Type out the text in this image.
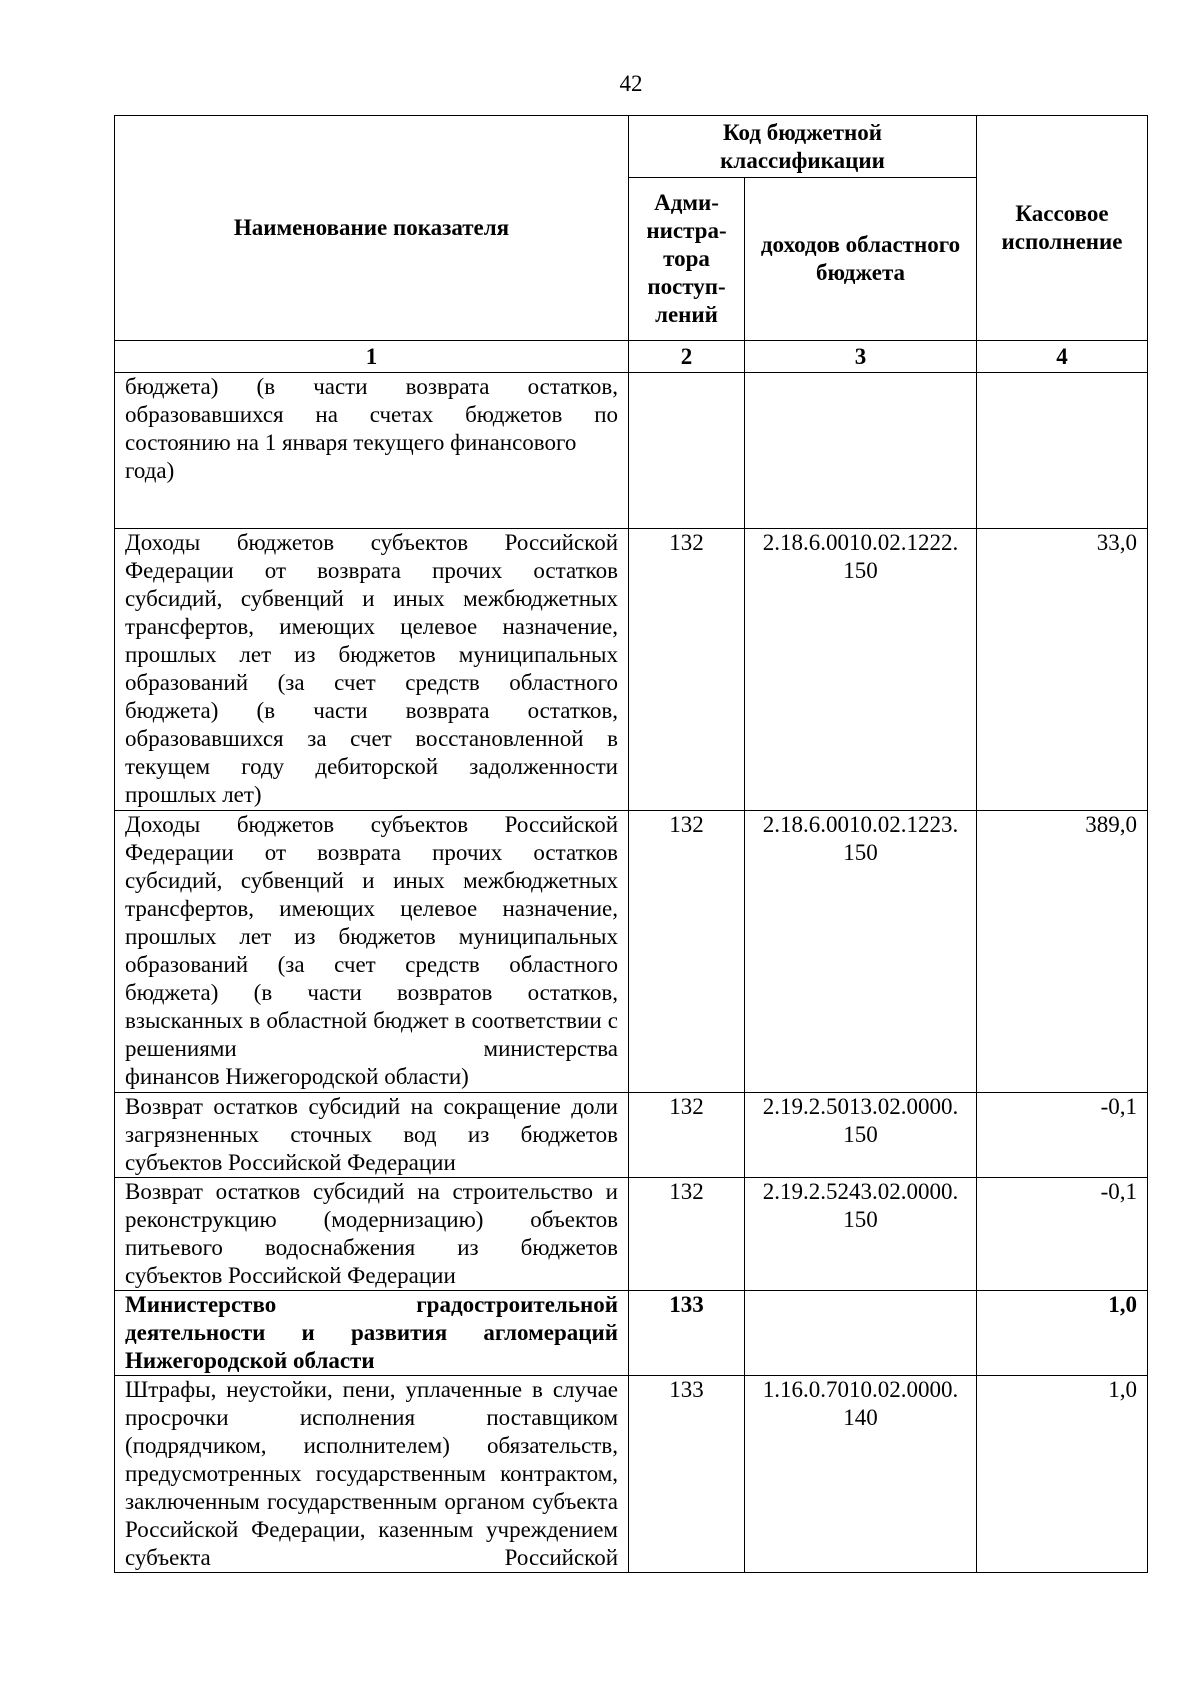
42
Наименование показателя	Код бюджетной классификации		Кассовое исполнение
	Адми-нистра-тора поступ-лений	доходов областного бюджета	
1	2	3	4
бюджета) (в части возврата остатков, образовавшихся на счетах бюджетов по
состоянию на 1 января текущего финансового года)			

Доходы бюджетов субъектов Российской Федерации от возврата прочих остатков субсидий, субвенций и иных межбюджетных трансфертов, имеющих целевое назначение, прошлых лет из бюджетов муниципальных образований (за счет средств областного бюджета) (в части возврата остатков, образовавшихся за счет восстановленной в текущем году дебиторской задолженности
прошлых лет)	132	2.18.6.0010.02.1222. 150	33,0
Доходы бюджетов субъектов Российской Федерации от возврата прочих остатков субсидий, субвенций и иных межбюджетных трансфертов, имеющих целевое назначение, прошлых лет из бюджетов муниципальных образований (за счет средств областного бюджета) (в части возвратов остатков, взысканных в областной бюджет в соответствии с решениями министерства
финансов Нижегородской области)	132	2.18.6.0010.02.1223. 150	389,0
Возврат остатков субсидий на сокращение доли загрязненных сточных вод из бюджетов
субъектов Российской Федерации	132	2.19.2.5013.02.0000. 150	-0,1
Возврат остатков субсидий на строительство и реконструкцию (модернизацию) объектов питьевого водоснабжения из бюджетов
субъектов Российской Федерации	132	2.19.2.5243.02.0000. 150	-0,1
Министерство градостроительной деятельности и развития агломераций
Нижегородской области	133		1,0
Штрафы, неустойки, пени, уплаченные в случае просрочки исполнения поставщиком (подрядчиком, исполнителем) обязательств, предусмотренных государственным контрактом, заключенным государственным органом субъекта Российской Федерации, казенным учреждением субъекта Российской	133	1.16.0.7010.02.0000. 140	1,0
